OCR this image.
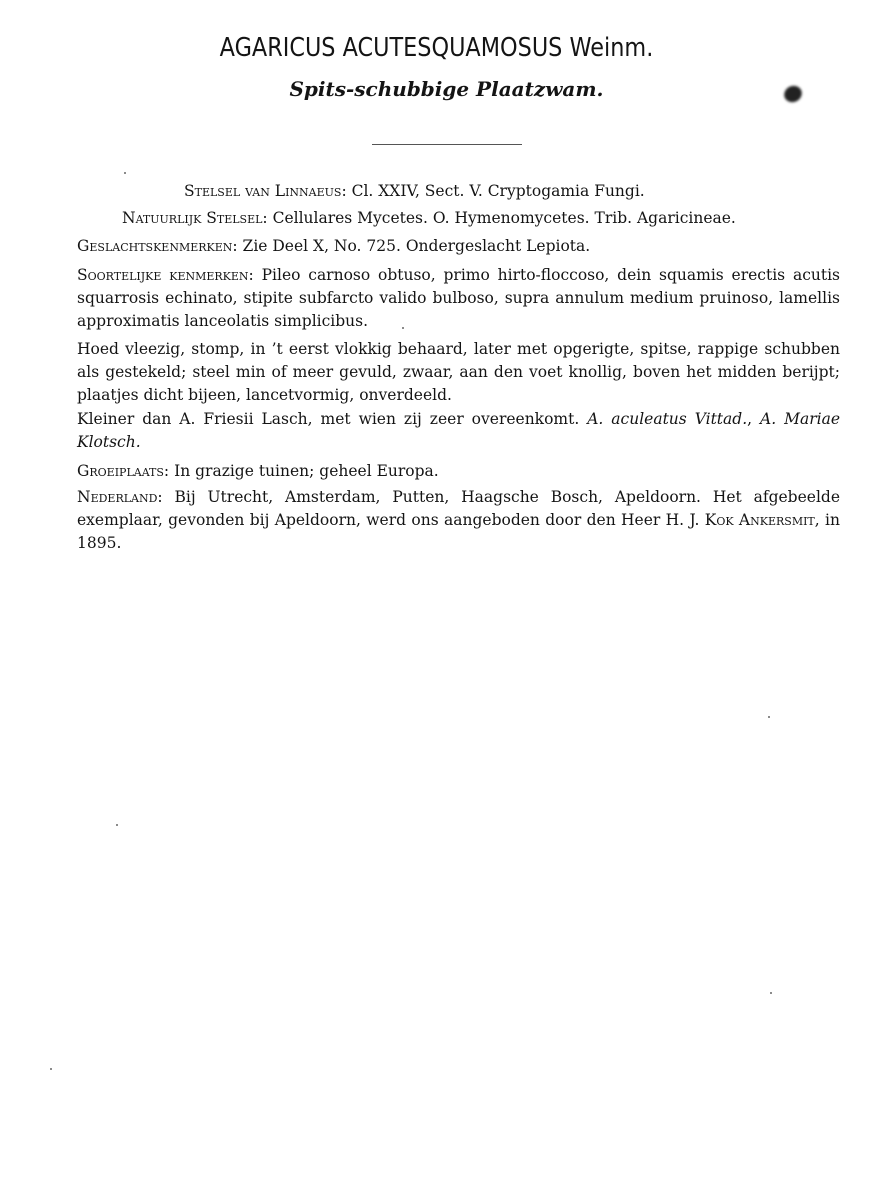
AGARICUS ACUTESQUAMOSUS Weinm.
Spits-schubbige Plaatzwam.
Stelsel van Linnaeus: Cl. XXIV, Sect. V. Cryptogamia Fungi.
Natuurlijk Stelsel: Cellulares Mycetes. O. Hymenomycetes. Trib. Agaricineae.
Geslachtskenmerken: Zie Deel X, No. 725. Ondergeslacht Lepiota.

Soortelijke kenmerken: Pileo carnoso obtuso, primo hirto-floccoso, dein squamis erectis acutis squarrosis echinato, stipite subfarcto valido bulboso, supra annulum medium pruinoso, lamellis approximatis lanceolatis simplicibus.

Hoed vleezig, stomp, in ’t eerst vlokkig behaard, later met opgerigte, spitse, rappige schubben als gestekeld; steel min of meer gevuld, zwaar, aan den voet knollig, boven het midden berijpt; plaatjes dicht bijeen, lancetvormig, onverdeeld.

Kleiner dan A. Friesii Lasch, met wien zij zeer overeenkomt. A. aculeatus Vittad., A. Mariae Klotsch.

Groeiplaats: In grazige tuinen; geheel Europa.

Nederland: Bij Utrecht, Amsterdam, Putten, Haagsche Bosch, Apeldoorn. Het afgebeelde exemplaar, gevonden bij Apeldoorn, werd ons aangeboden door den Heer H. J. Kok Ankersmit, in 1895.
